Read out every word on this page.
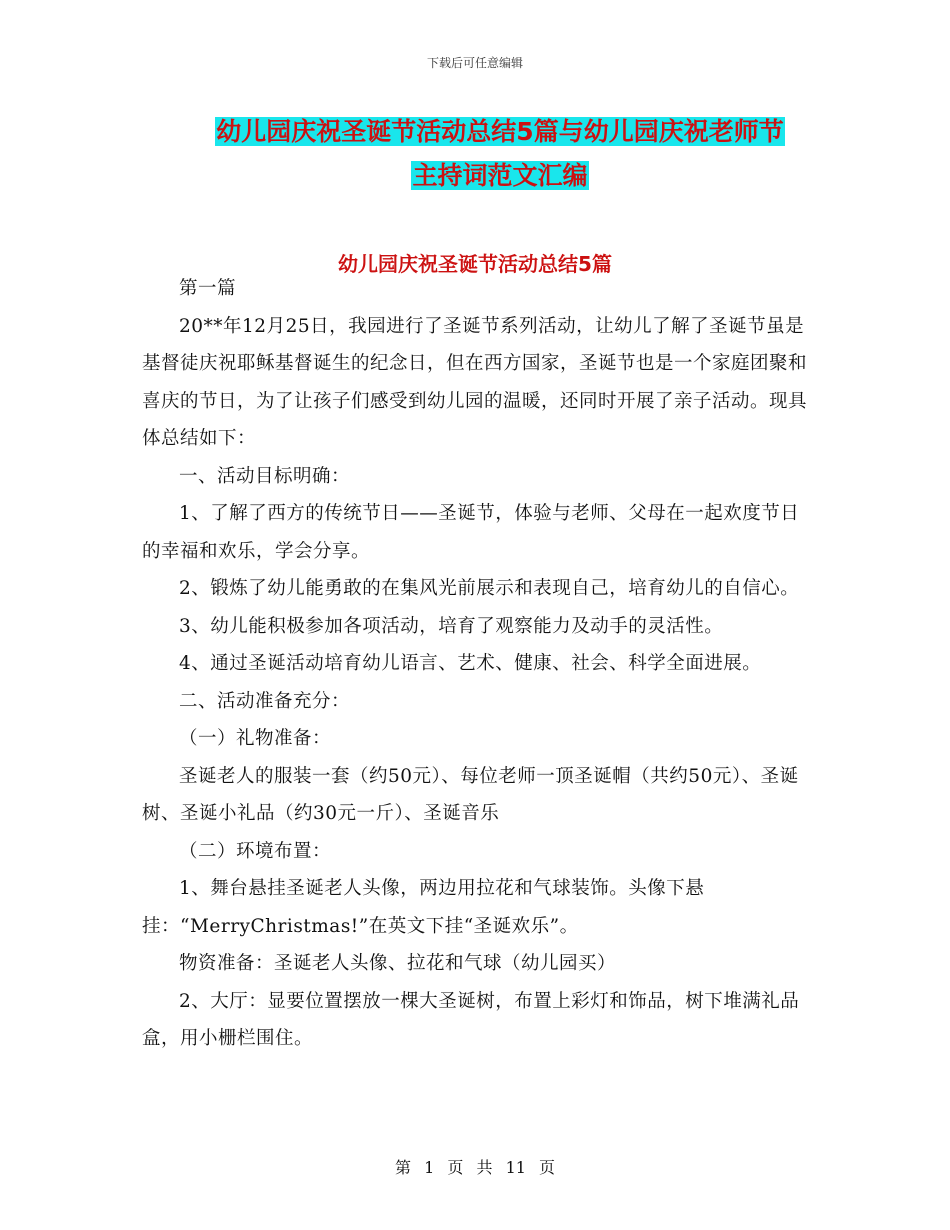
下载后可任意编辑
幼儿园庆祝圣诞节活动总结5篇与幼儿园庆祝老师节
主持词范文汇编
幼儿园庆祝圣诞节活动总结5篇

第一篇

20**年12月25日，我园进行了圣诞节系列活动，让幼儿了解了圣诞节虽是基督徒庆祝耶稣基督诞生的纪念日，但在西方国家，圣诞节也是一个家庭团聚和喜庆的节日，为了让孩子们感受到幼儿园的温暖，还同时开展了亲子活动。现具体总结如下：

一、活动目标明确：

1、了解了西方的传统节日——圣诞节，体验与老师、父母在一起欢度节日的幸福和欢乐，学会分享。

2、锻炼了幼儿能勇敢的在集风光前展示和表现自己，培育幼儿的自信心。

3、幼儿能积极参加各项活动，培育了观察能力及动手的灵活性。

4、通过圣诞活动培育幼儿语言、艺术、健康、社会、科学全面进展。

二、活动准备充分：

（一）礼物准备：

圣诞老人的服装一套（约50元）、每位老师一顶圣诞帽（共约50元）、圣诞树、圣诞小礼品（约30元一斤）、圣诞音乐

（二）环境布置：

1、舞台悬挂圣诞老人头像，两边用拉花和气球装饰。头像下悬挂：“MerryChristmas!”在英文下挂“圣诞欢乐”。

物资准备：圣诞老人头像、拉花和气球（幼儿园买）

2、大厅：显要位置摆放一棵大圣诞树，布置上彩灯和饰品，树下堆满礼品盒，用小栅栏围住。

第 1 页 共 11 页
